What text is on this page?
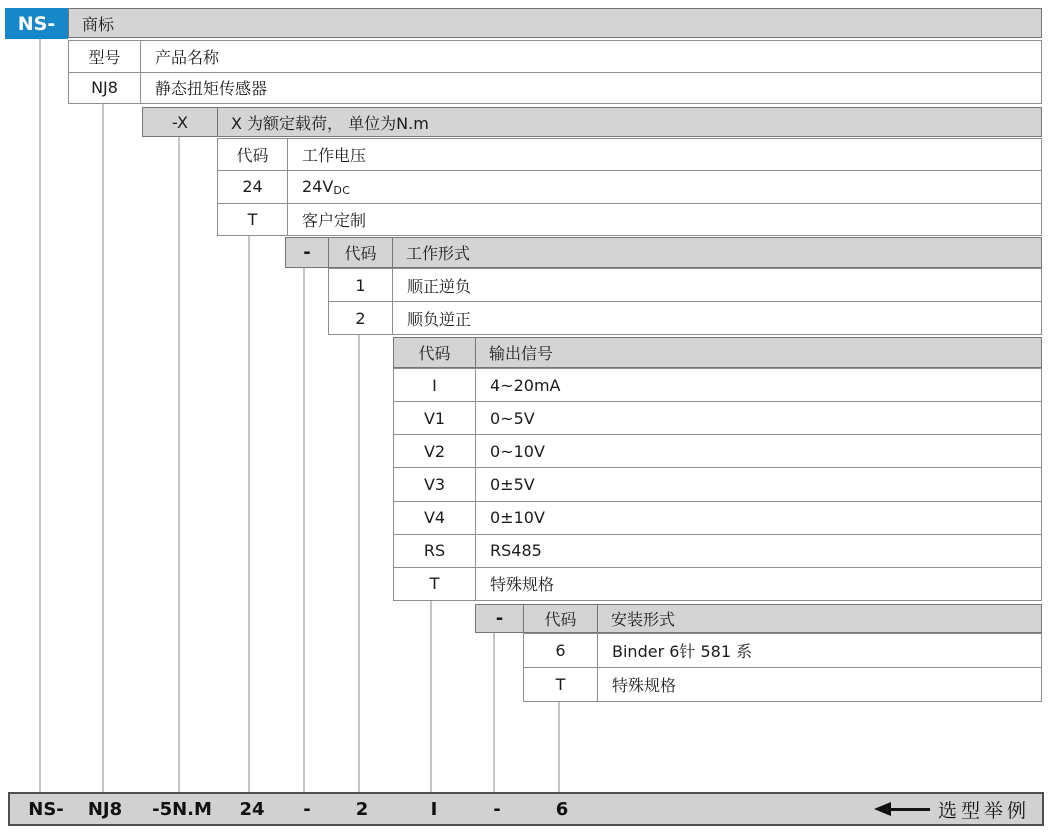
NS-	商标
型号	产品名称
NJ8	静态扭矩传感器
-X	X 为额定载荷， 单位为N.m
代码	工作电压
24	24V DC
T	客户定制
-	代码	工作形式
1	顺正逆负
2	顺负逆正
代码	输出信号
I	4~20mA
V1	0~5V
V2	0~10V
V3	0±5V
V4	0±10V
RS	RS485
T	特殊规格
-	代码	安装形式
6	Binder 6针 581 系
T	特殊规格
NS- NJ8 -5N.M 24 - 2	I	-	6	选型举例
